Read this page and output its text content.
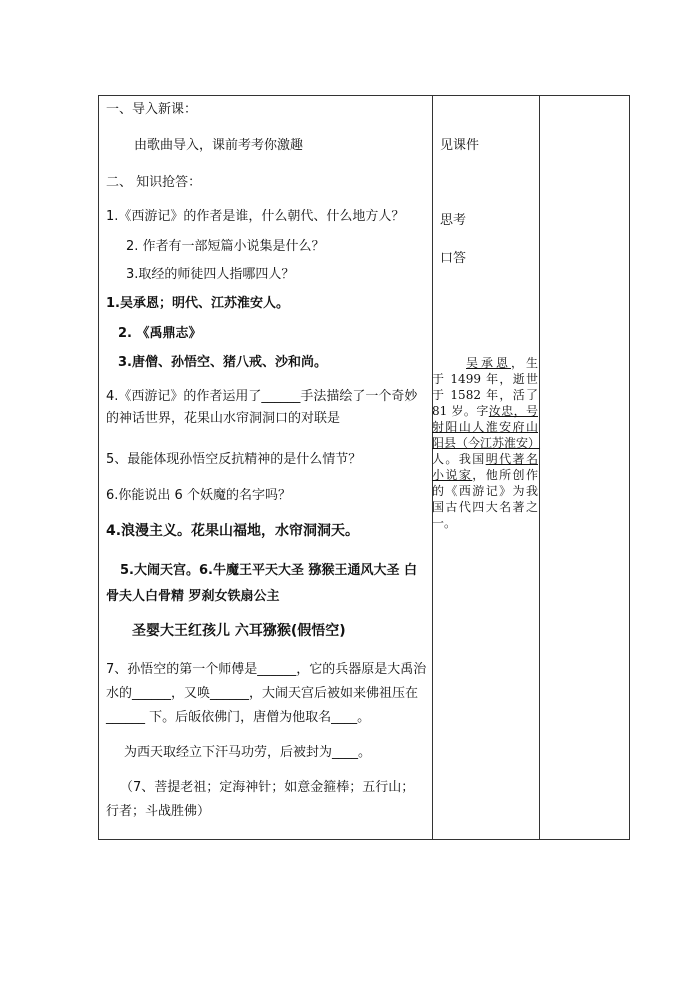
一、导入新课：
由歌曲导入，课前考考你激趣
二、 知识抢答：
1.《西游记》的作者是谁，什么朝代、什么地方人？
2. 作者有一部短篇小说集是什么？
3.取经的师徒四人指哪四人？
1.吴承恩；明代、江苏淮安人。
2. 《禹鼎志》
3.唐僧、孙悟空、猪八戒、沙和尚。
4.《西游记》的作者运用了______手法描绘了一个奇妙的神话世界，花果山水帘洞洞口的对联是
5、最能体现孙悟空反抗精神的是什么情节？
6.你能说出 6 个妖魔的名字吗？
4.浪漫主义。花果山福地，水帘洞洞天。
5.大闹天宫。6.牛魔王平天大圣 猕猴王通风大圣 白骨夫人白骨精 罗刹女铁扇公主
圣婴大王红孩儿 六耳猕猴(假悟空)
7、孙悟空的第一个师傅是______，它的兵器原是大禹治水的______，又唤______，大闹天宫后被如来佛祖压在______ 下。后皈依佛门，唐僧为他取名____。
为西天取经立下汗马功劳，后被封为____。
（7、菩提老祖；定海神针；如意金箍棒；五行山；行者；斗战胜佛）
见课件
思考
口答
吴承恩，生于 1499 年，逝世于 1582 年，活了 81 岁。字汝忠，号射阳山人淮安府山阳县（今江苏淮安）人。我国明代著名小说家，他所创作的《西游记》为我国古代四大名著之一。
